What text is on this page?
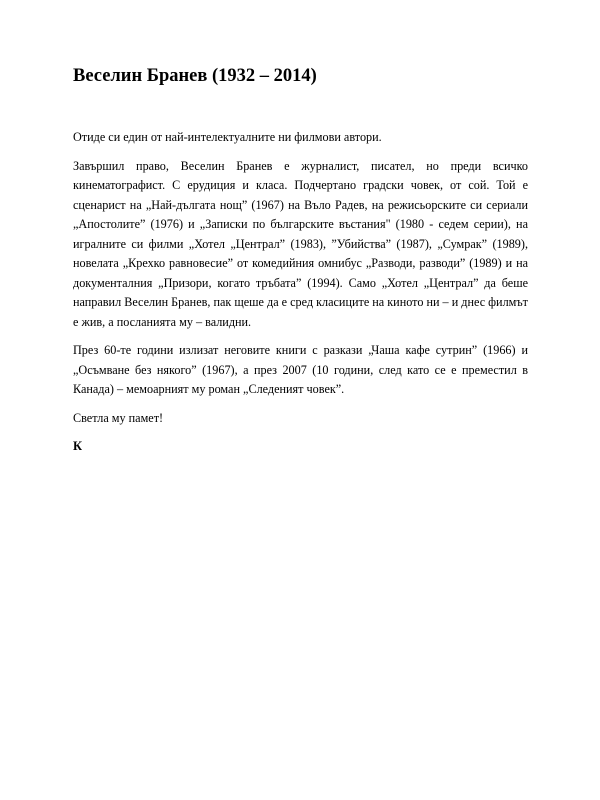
Веселин Бранев (1932 – 2014)

Отиде си един от най-интелектуалните ни филмови автори.

Завършил право, Веселин Бранев е журналист, писател, но преди всичко кинематографист. С ерудиция и класа. Подчертано градски човек, от сой. Той е сценарист на „Най-дългата нощ” (1967) на Въло Радев, на режисьорските си сериали „Апостолите” (1976) и „Записки по българските въстания" (1980 - седем серии), на игралните си филми „Хотел „Централ” (1983), ”Убийства” (1987), „Сумрак” (1989), новелата „Крехко равновесие” от комедийния омнибус „Разводи, разводи” (1989) и на документалния „Призори, когато тръбата” (1994). Само „Хотел „Централ” да беше направил Веселин Бранев, пак щеше да е сред класиците на киното ни – и днес филмът е жив, а посланията му – валидни.

През 60-те години излизат неговите книги с разкази „Чаша кафе сутрин” (1966) и „Осъмване без някого” (1967), а през 2007 (10 години, след като се е преместил в Канада) – мемоарният му роман „Следеният човек”.

Светла му памет!

К
